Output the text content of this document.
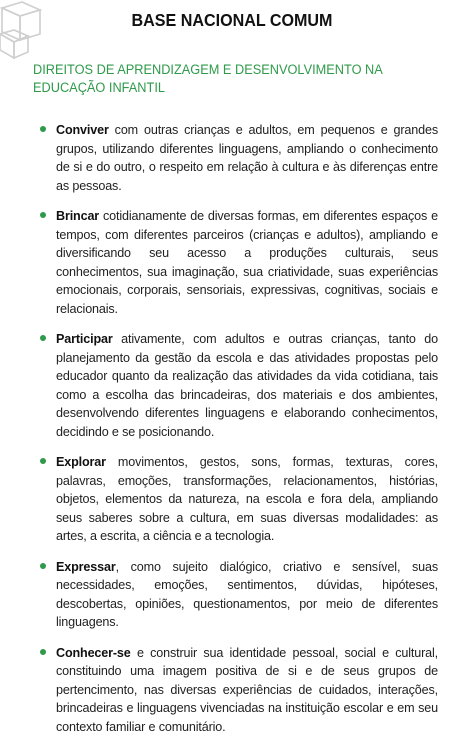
BASE NACIONAL COMUM
DIREITOS DE APRENDIZAGEM E DESENVOLVIMENTO NA EDUCAÇÃO INFANTIL
Conviver com outras crianças e adultos, em pequenos e grandes grupos, utilizando diferentes linguagens, ampliando o conhecimento de si e do outro, o respeito em relação à cultura e às diferenças entre as pessoas.
Brincar cotidianamente de diversas formas, em diferentes espaços e tempos, com diferentes parceiros (crianças e adultos), ampliando e diversificando seu acesso a produções culturais, seus conhecimentos, sua imaginação, sua criatividade, suas experiências emocionais, corporais, sensoriais, expressivas, cognitivas, sociais e relacionais.
Participar ativamente, com adultos e outras crianças, tanto do planejamento da gestão da escola e das atividades propostas pelo educador quanto da realização das atividades da vida cotidiana, tais como a escolha das brincadeiras, dos materiais e dos ambientes, desenvolvendo diferentes linguagens e elaborando conhecimentos, decidindo e se posicionando.
Explorar movimentos, gestos, sons, formas, texturas, cores, palavras, emoções, transformações, relacionamentos, histórias, objetos, elementos da natureza, na escola e fora dela, ampliando seus saberes sobre a cultura, em suas diversas modalidades: as artes, a escrita, a ciência e a tecnologia.
Expressar, como sujeito dialógico, criativo e sensível, suas necessidades, emoções, sentimentos, dúvidas, hipóteses, descobertas, opiniões, questionamentos, por meio de diferentes linguagens.
Conhecer-se e construir sua identidade pessoal, social e cultural, constituindo uma imagem positiva de si e de seus grupos de pertencimento, nas diversas experiências de cuidados, interações, brincadeiras e linguagens vivenciadas na instituição escolar e em seu contexto familiar e comunitário.
